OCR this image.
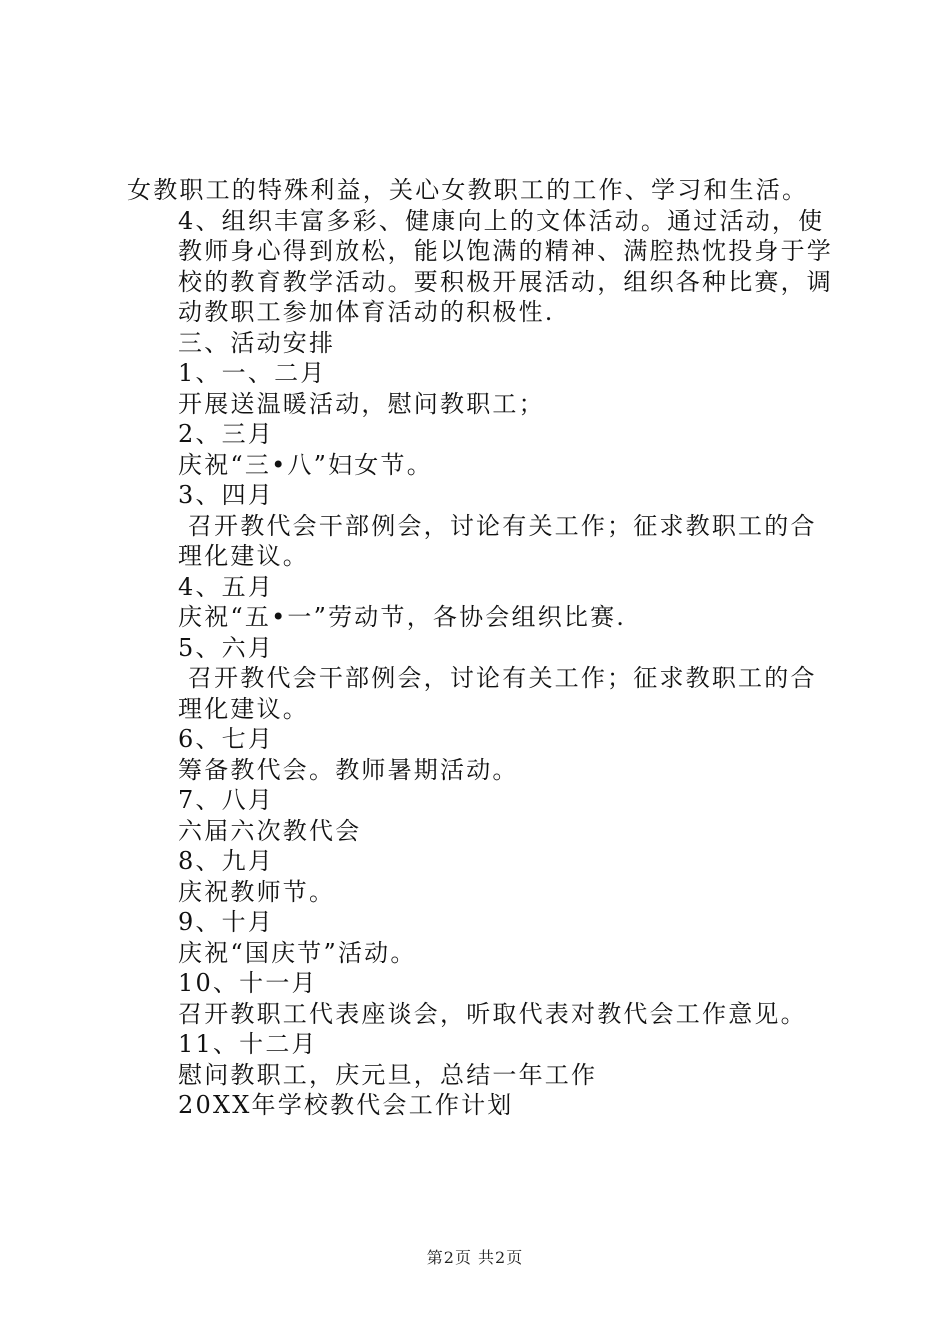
女教职工的特殊利益，关心女教职工的工作、学习和生活。

4、组织丰富多彩、健康向上的文体活动。通过活动，使教师身心得到放松，能以饱满的精神、满腔热忱投身于学校的教育教学活动。要积极开展活动，组织各种比赛，调动教职工参加体育活动的积极性.

三、活动安排

1、一、二月

开展送温暖活动，慰问教职工；

2、三月

庆祝“三•八”妇女节。

3、四月

召开教代会干部例会，讨论有关工作；征求教职工的合理化建议。

4、五月

庆祝“五•一”劳动节，各协会组织比赛.

5、六月

召开教代会干部例会，讨论有关工作；征求教职工的合理化建议。

6、七月

筹备教代会。教师暑期活动。

7、八月

六届六次教代会

8、九月

庆祝教师节。

9、十月

庆祝“国庆节”活动。

10、十一月

召开教职工代表座谈会，听取代表对教代会工作意见。

11、十二月

慰问教职工，庆元旦，总结一年工作

20XX年学校教代会工作计划

第2页 共2页
